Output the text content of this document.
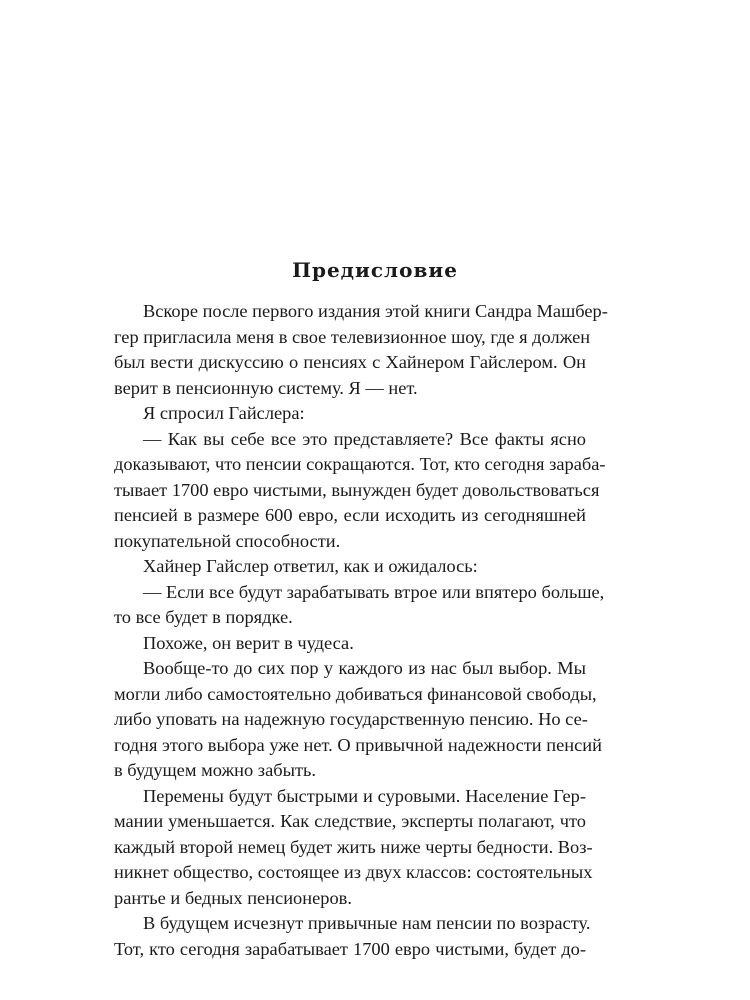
Предисловие
Вскоре после первого издания этой книги Сандра Машбер-
гер пригласила меня в свое телевизионное шоу, где я должен
был вести дискуссию о пенсиях с Хайнером Гайслером. Он
верит в пенсионную систему. Я — нет.
Я спросил Гайслера:
— Как вы себе все это представляете? Все факты ясно
доказывают, что пенсии сокращаются. Тот, кто сегодня зараба-
тывает 1700 евро чистыми, вынужден будет довольствоваться
пенсией в размере 600 евро, если исходить из сегодняшней
покупательной способности.
Хайнер Гайслер ответил, как и ожидалось:
— Если все будут зарабатывать втрое или впятеро больше,
то все будет в порядке.
Похоже, он верит в чудеса.
Вообще-то до сих пор у каждого из нас был выбор. Мы
могли либо самостоятельно добиваться финансовой свободы,
либо уповать на надежную государственную пенсию. Но се-
годня этого выбора уже нет. О привычной надежности пенсий
в будущем можно забыть.
Перемены будут быстрыми и суровыми. Население Гер-
мании уменьшается. Как следствие, эксперты полагают, что
каждый второй немец будет жить ниже черты бедности. Воз-
никнет общество, состоящее из двух классов: состоятельных
рантье и бедных пенсионеров.
В будущем исчезнут привычные нам пенсии по возрасту.
Тот, кто сегодня зарабатывает 1700 евро чистыми, будет до-
